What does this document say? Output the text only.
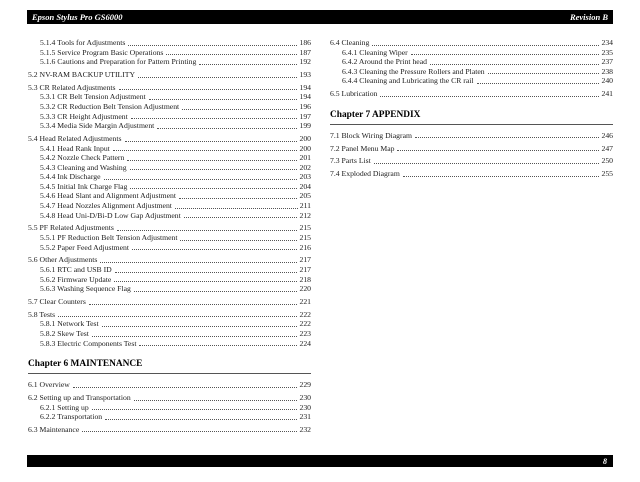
Epson Stylus Pro GS6000	Revision B
5.1.4 Tools for Adjustments	186
5.1.5 Service Program Basic Operations	187
5.1.6 Cautions and Preparation for Pattern Printing	192
5.2 NV-RAM BACKUP UTILITY	193
5.3 CR Related Adjustments	194
5.3.1 CR Belt Tension Adjustment	194
5.3.2 CR Reduction Belt Tension Adjustment	196
5.3.3 CR Height Adjustment	197
5.3.4 Media Side Margin Adjustment	199
5.4 Head Related Adjustments	200
5.4.1 Head Rank Input	200
5.4.2 Nozzle Check Pattern	201
5.4.3 Cleaning and Washing	202
5.4.4 Ink Discharge	203
5.4.5 Initial Ink Charge Flag	204
5.4.6 Head Slant and Alignment Adjustment	205
5.4.7 Head Nozzles Alignment Adjustment	211
5.4.8 Head Uni-D/Bi-D Low Gap Adjustment	212
5.5 PF Related Adjustments	215
5.5.1 PF Reduction Belt Tension Adjustment	215
5.5.2 Paper Feed Adjustment	216
5.6 Other Adjustments	217
5.6.1 RTC and USB ID	217
5.6.2 Firmware Update	218
5.6.3 Washing Sequence Flag	220
5.7 Clear Counters	221
5.8 Tests	222
5.8.1 Network Test	222
5.8.2 Skew Test	223
5.8.3 Electric Components Test	224
Chapter 6 MAINTENANCE
6.1 Overview	229
6.2 Setting up and Transportation	230
6.2.1 Setting up	230
6.2.2 Transportation	231
6.3 Maintenance	232
6.4 Cleaning	234
6.4.1 Cleaning Wiper	235
6.4.2 Around the Print head	237
6.4.3 Cleaning the Pressure Rollers and Platen	238
6.4.4 Cleaning and Lubricating the CR rail	240
6.5 Lubrication	241
Chapter 7 APPENDIX
7.1 Block Wiring Diagram	246
7.2 Panel Menu Map	247
7.3 Parts List	250
7.4 Exploded Diagram	255
8
